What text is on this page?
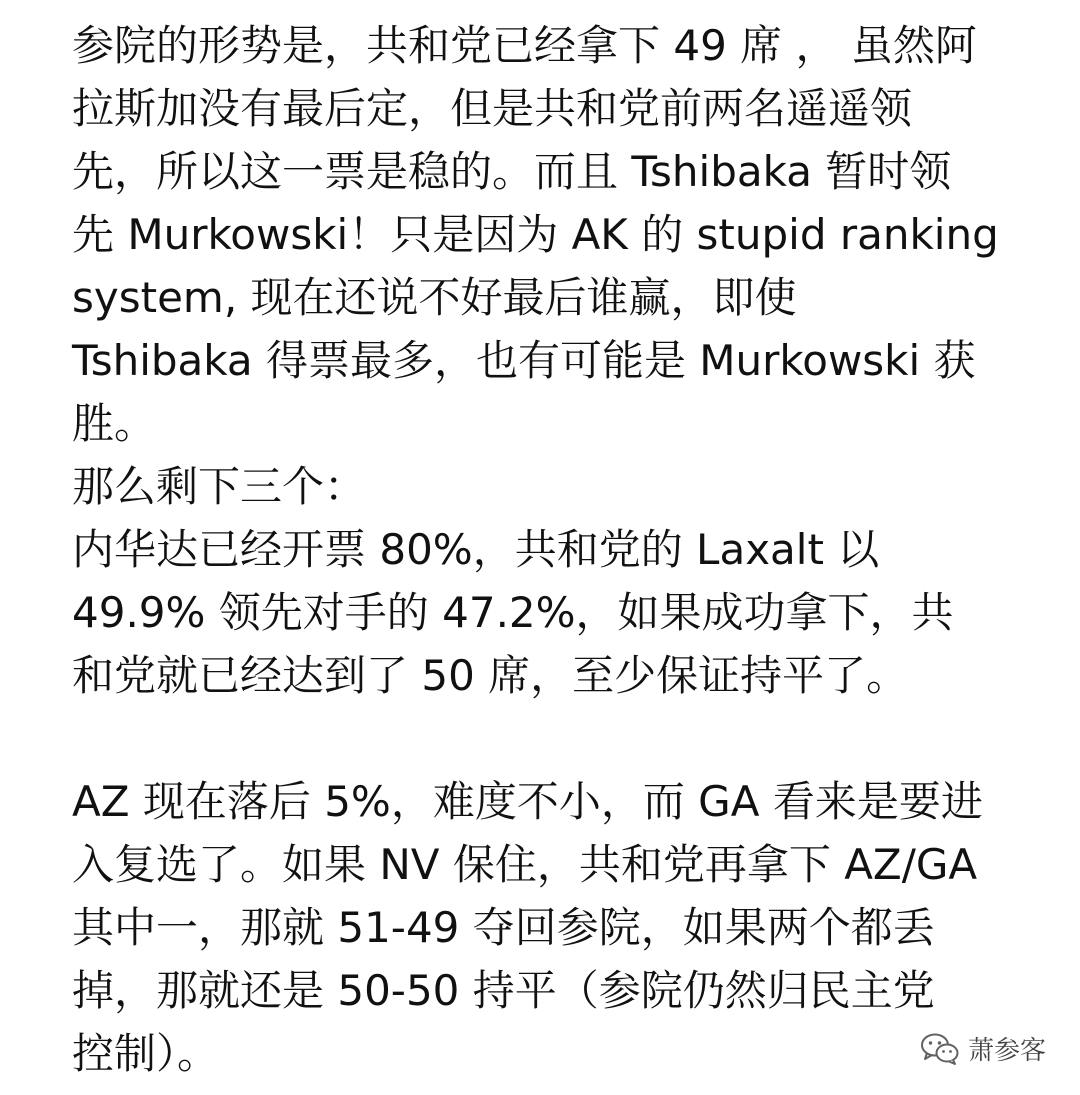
参院的形势是，共和党已经拿下 49 席 ， 虽然阿
拉斯加没有最后定，但是共和党前两名遥遥领
先，所以这一票是稳的。而且 Tshibaka 暂时领
先 Murkowski！只是因为 AK 的 stupid ranking
system, 现在还说不好最后谁赢，即使
Tshibaka 得票最多，也有可能是 Murkowski 获
胜。
那么剩下三个：
内华达已经开票 80%，共和党的 Laxalt 以
49.9% 领先对手的 47.2%，如果成功拿下，共
和党就已经达到了 50 席，至少保证持平了。
AZ 现在落后 5%，难度不小，而 GA 看来是要进
入复选了。如果 NV 保住，共和党再拿下 AZ/GA
其中一，那就 51-49 夺回参院，如果两个都丢
掉，那就还是 50-50 持平（参院仍然归民主党
控制）。	萧参客
